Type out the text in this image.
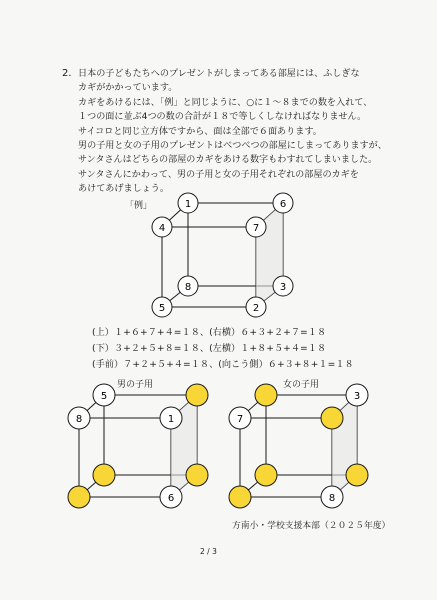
2. 日本の子どもたちへのプレゼントがしまってある部屋には、ふしぎな
カギがかかっています。
カギをあけるには、「例」と同じように、○に１～８までの数を入れて、
１つの面に並ぶ4つの数の合計が１８で等しくしなければなりません。
サイコロと同じ立方体ですから、面は全部で６面あります。
男の子用と女の子用のプレゼントはべつべつの部屋にしまってありますが、
サンタさんはどちらの部屋のカギをあける数字もわすれてしまいました。
サンタさんにかわって、男の子用と女の子用それぞれの部屋のカギを
あけてあげましょう。
「例」	1	6
4	7
8	3
5	2
(上）１+６+７+４=１８、(右横）６+３+２+７=１８
(下）３+２+５+８=１８、(左横）１+８+５+４=１８
(手前）７+２+５+４=１８、(向こう側）６+３+８+１=１８
男の子用	女の子用
5
8	1
6
3
7
8
方南小・学校支援本部（２０２５年度）
2 / 3
